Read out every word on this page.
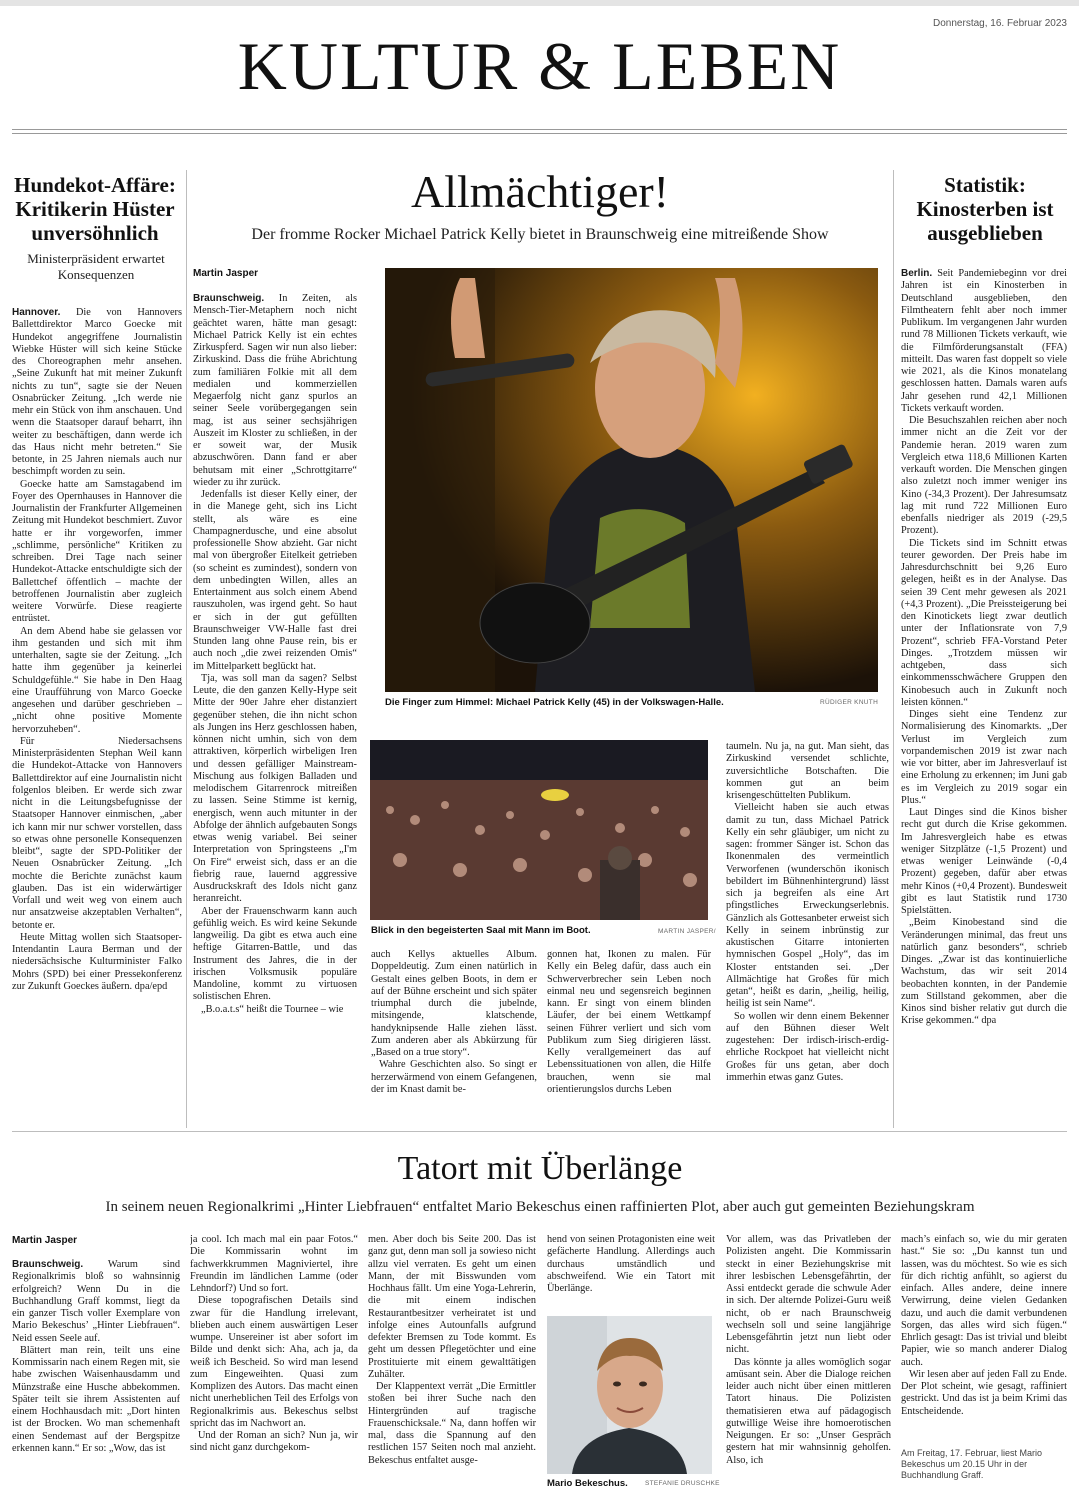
Donnerstag, 16. Februar 2023
KULTUR & LEBEN
Hundekot-Affäre: Kritikerin Hüster unversöhnlich
Ministerpräsident erwartet Konsequenzen

Hannover. Die von Hannovers Ballettdirektor Marco Goecke mit Hundekot angegriffene Journalistin Wiebke Hüster will sich keine Stücke des Choreographen mehr ansehen. „Seine Zukunft hat mit meiner Zukunft nichts zu tun“, sagte sie der Neuen Osnabrücker Zeitung. „Ich werde nie mehr ein Stück von ihm anschauen. Und wenn die Staatsoper darauf beharrt, ihn weiter zu beschäftigen, dann werde ich das Haus nicht mehr betreten.“ Sie betonte, in 25 Jahren niemals auch nur beschimpft worden zu sein.

Goecke hatte am Samstagabend im Foyer des Opernhauses in Hannover die Journalistin der Frankfurter Allgemeinen Zeitung mit Hundekot beschmiert. Zuvor hatte er ihr vorgeworfen, immer „schlimme, persönliche“ Kritiken zu schreiben. Drei Tage nach seiner Hundekot-Attacke entschuldigte sich der Ballettchef öffentlich – machte der betroffenen Journalistin aber zugleich weitere Vorwürfe. Diese reagierte entrüstet.

An dem Abend habe sie gelassen vor ihm gestanden und sich mit ihm unterhalten, sagte sie der Zeitung. „Ich hatte ihm gegenüber ja keinerlei Schuldgefühle.“ Sie habe in Den Haag eine Uraufführung von Marco Goecke angesehen und darüber geschrieben – „nicht ohne positive Momente hervorzuheben“.

Für Niedersachsens Ministerpräsidenten Stephan Weil kann die Hundekot-Attacke von Hannovers Ballettdirektor auf eine Journalistin nicht folgenlos bleiben. Er werde sich zwar nicht in die Leitungsbefugnisse der Staatsoper Hannover einmischen, „aber ich kann mir nur schwer vorstellen, dass so etwas ohne personelle Konsequenzen bleibt“, sagte der SPD-Politiker der Neuen Osnabrücker Zeitung. „Ich mochte die Berichte zunächst kaum glauben. Das ist ein widerwärtiger Vorfall und weit weg von einem auch nur ansatzweise akzeptablen Verhalten“, betonte er.

Heute Mittag wollen sich Staatsoper-Intendantin Laura Berman und der niedersächsische Kulturminister Falko Mohrs (SPD) bei einer Pressekonferenz zur Zukunft Goeckes äußern. dpa/epd

Allmächtiger!
Der fromme Rocker Michael Patrick Kelly bietet in Braunschweig eine mitreißende Show
Martin Jasper

Braunschweig. In Zeiten, als Mensch-Tier-Metaphern noch nicht geächtet waren, hätte man gesagt: Michael Patrick Kelly ist ein echtes Zirkuspferd. Sagen wir nun also lieber: Zirkuskind. Dass die frühe Abrichtung zum familiären Folkie mit all dem medialen und kommerziellen Megaerfolg nicht ganz spurlos an seiner Seele vorübergegangen sein mag, ist aus seiner sechsjährigen Auszeit im Kloster zu schließen, in der er soweit war, der Musik abzuschwören. Dann fand er aber behutsam mit einer „Schrottgitarre“ wieder zu ihr zurück.

Jedenfalls ist dieser Kelly einer, der in die Manege geht, sich ins Licht stellt, als wäre es eine Champagnerdusche, und eine absolut professionelle Show abzieht. Gar nicht mal von übergroßer Eitelkeit getrieben (so scheint es zumindest), sondern von dem unbedingten Willen, alles an Entertainment aus solch einem Abend rauszuholen, was irgend geht. So haut er sich in der gut gefüllten Braunschweiger VW-Halle fast drei Stunden lang ohne Pause rein, bis er auch noch „die zwei reizenden Omis“ im Mittelparkett beglückt hat.

Tja, was soll man da sagen? Selbst Leute, die den ganzen Kelly-Hype seit Mitte der 90er Jahre eher distanziert gegenüber stehen, die ihn nicht schon als Jungen ins Herz geschlossen haben, können nicht umhin, sich von dem attraktiven, körperlich wirbeligen Iren und dessen gefälliger Mainstream-Mischung aus folkigen Balladen und melodischem Gitarrenrock mitreißen zu lassen. Seine Stimme ist kernig, energisch, wenn auch mitunter in der Abfolge der ähnlich aufgebauten Songs etwas wenig variabel. Bei seiner Interpretation von Springsteens „I'm On Fire“ erweist sich, dass er an die fiebrig raue, lauernd aggressive Ausdruckskraft des Idols nicht ganz heranreicht.

Aber der Frauenschwarm kann auch gefühlig weich. Es wird keine Sekunde langweilig. Da gibt es etwa auch eine heftige Gitarren-Battle, und das Instrument des Jahres, die in der irischen Volksmusik populäre Mandoline, kommt zu virtuosen solistischen Ehren.

„B.o.a.t.s“ heißt die Tournee – wie

Die Finger zum Himmel: Michael Patrick Kelly (45) in der Volkswagen-Halle.	RÜDIGER KNUTH
Blick in den begeisterten Saal mit Mann im Boot.	MARTIN JASPER/

auch Kellys aktuelles Album. Doppeldeutig. Zum einen natürlich in Gestalt eines gelben Boots, in dem er auf der Bühne erscheint und sich später triumphal durch die jubelnde, mitsingende, klatschende, handyknipsende Halle ziehen lässt. Zum anderen aber als Abkürzung für „Based on a true story“.

Wahre Geschichten also. So singt er herzerwärmend von einem Gefangenen, der im Knast damit be-

gonnen hat, Ikonen zu malen. Für Kelly ein Beleg dafür, dass auch ein Schwerverbrecher sein Leben noch einmal neu und segensreich beginnen kann. Er singt von einem blinden Läufer, der bei einem Wettkampf seinen Führer verliert und sich vom Publikum zum Sieg dirigieren lässt. Kelly verallgemeinert das auf Lebenssituationen von allen, die Hilfe brauchen, wenn sie mal orientierungslos durchs Leben

taumeln. Nu ja, na gut. Man sieht, das Zirkuskind versendet schlichte, zuversichtliche Botschaften. Die kommen gut an beim krisengeschüttelten Publikum.

Vielleicht haben sie auch etwas damit zu tun, dass Michael Patrick Kelly ein sehr gläubiger, um nicht zu sagen: frommer Sänger ist. Schon das Ikonenmalen des vermeintlich Verworfenen (wunderschön ikonisch bebildert im Bühnenhintergrund) lässt sich ja begreifen als eine Art pfingstliches Erweckungserlebnis. Gänzlich als Gottesanbeter erweist sich Kelly in seinem inbrünstig zur akustischen Gitarre intonierten hymnischen Gospel „Holy“, das im Kloster entstanden sei. „Der Allmächtige hat Großes für mich getan“, heißt es darin, „heilig, heilig, heilig ist sein Name“.

So wollen wir denn einem Bekenner auf den Bühnen dieser Welt zugestehen: Der irdisch-irisch-erdig-ehrliche Rockpoet hat vielleicht nicht Großes für uns getan, aber doch immerhin etwas ganz Gutes.

Statistik: Kinosterben ist ausgeblieben

Berlin. Seit Pandemiebeginn vor drei Jahren ist ein Kinosterben in Deutschland ausgeblieben, den Filmtheatern fehlt aber noch immer Publikum. Im vergangenen Jahr wurden rund 78 Millionen Tickets verkauft, wie die Filmförderungsanstalt (FFA) mitteilt. Das waren fast doppelt so viele wie 2021, als die Kinos monatelang geschlossen hatten. Damals waren aufs Jahr gesehen rund 42,1 Millionen Tickets verkauft worden.

Die Besuchszahlen reichen aber noch immer nicht an die Zeit vor der Pandemie heran. 2019 waren zum Vergleich etwa 118,6 Millionen Karten verkauft worden. Die Menschen gingen also zuletzt noch immer weniger ins Kino (-34,3 Prozent). Der Jahresumsatz lag mit rund 722 Millionen Euro ebenfalls niedriger als 2019 (-29,5 Prozent).

Die Tickets sind im Schnitt etwas teurer geworden. Der Preis habe im Jahresdurchschnitt bei 9,26 Euro gelegen, heißt es in der Analyse. Das seien 39 Cent mehr gewesen als 2021 (+4,3 Prozent). „Die Preissteigerung bei den Kinotickets liegt zwar deutlich unter der Inflationsrate von 7,9 Prozent“, schrieb FFA-Vorstand Peter Dinges. „Trotzdem müssen wir achtgeben, dass sich einkommensschwächere Gruppen den Kinobesuch auch in Zukunft noch leisten können.“

Dinges sieht eine Tendenz zur Normalisierung des Kinomarkts. „Der Verlust im Vergleich zum vorpandemischen 2019 ist zwar nach wie vor bitter, aber im Jahresverlauf ist eine Erholung zu erkennen; im Juni gab es im Vergleich zu 2019 sogar ein Plus.“

Laut Dinges sind die Kinos bisher recht gut durch die Krise gekommen. Im Jahresvergleich habe es etwas weniger Sitzplätze (-1,5 Prozent) und etwas weniger Leinwände (-0,4 Prozent) gegeben, dafür aber etwas mehr Kinos (+0,4 Prozent). Bundesweit gibt es laut Statistik rund 1730 Spielstätten.

„Beim Kinobestand sind die Veränderungen minimal, das freut uns natürlich ganz besonders“, schrieb Dinges. „Zwar ist das kontinuierliche Wachstum, das wir seit 2014 beobachten konnten, in der Pandemie zum Stillstand gekommen, aber die Kinos sind bisher relativ gut durch die Krise gekommen.“ dpa

Tatort mit Überlänge
In seinem neuen Regionalkrimi „Hinter Liebfrauen“ entfaltet Mario Bekeschus einen raffinierten Plot, aber auch gut gemeinten Beziehungskram
Martin Jasper

Braunschweig. Warum sind Regionalkrimis bloß so wahnsinnig erfolgreich? Wenn Du in die Buchhandlung Graff kommst, liegt da ein ganzer Tisch voller Exemplare von Mario Bekeschus’ „Hinter Liebfrauen“. Neid essen Seele auf.

Blättert man rein, teilt uns eine Kommissarin nach einem Regen mit, sie habe zwischen Waisenhausdamm und Münzstraße eine Husche abbekommen. Später teilt sie ihrem Assistenten auf einem Hochhausdach mit: „Dort hinten ist der Brocken. Wo man schemenhaft einen Sendemast auf der Bergspitze erkennen kann.“ Er so: „Wow, das ist

ja cool. Ich mach mal ein paar Fotos.“ Die Kommissarin wohnt im fachwerkkrummen Magniviertel, ihre Freundin im ländlichen Lamme (oder Lehndorf?) Und so fort.

Diese topografischen Details sind zwar für die Handlung irrelevant, blieben auch einem auswärtigen Leser wumpe. Unsereiner ist aber sofort im Bilde und denkt sich: Aha, ach ja, da weiß ich Bescheid. So wird man lesend zum Eingeweihten. Quasi zum Komplizen des Autors. Das macht einen nicht unerheblichen Teil des Erfolgs von Regionalkrimis aus. Bekeschus selbst spricht das im Nachwort an.

Und der Roman an sich? Nun ja, wir sind nicht ganz durchgekom-

men. Aber doch bis Seite 200. Das ist ganz gut, denn man soll ja sowieso nicht allzu viel verraten. Es geht um einen Mann, der mit Bisswunden vom Hochhaus fällt. Um eine Yoga-Lehrerin, die mit einem indischen Restaurantbesitzer verheiratet ist und infolge eines Autounfalls aufgrund defekter Bremsen zu Tode kommt. Es geht um dessen Pflegetöchter und eine Prostituierte mit einem gewalttätigen Zuhälter.

Der Klappentext verrät „Die Ermittler stoßen bei ihrer Suche nach den Hintergründen auf tragische Frauenschicksale.“ Na, dann hoffen wir mal, dass die Spannung auf den restlichen 157 Seiten noch mal anzieht. Bekeschus entfaltet ausge-

hend von seinen Protagonisten eine weit gefächerte Handlung. Allerdings auch durchaus umständlich und abschweifend. Wie ein Tatort mit Überlänge.

Mario Bekeschus.	STEFANIE DRUSCHKE

Vor allem, was das Privatleben der Polizisten angeht. Die Kommissarin steckt in einer Beziehungskrise mit ihrer lesbischen Lebensgefährtin, der Assi entdeckt gerade die schwule Ader in sich. Der alternde Polizei-Guru weiß nicht, ob er nach Braunschweig wechseln soll und seine langjährige Lebensgefährtin jetzt nun liebt oder nicht.

Das könnte ja alles womöglich sogar amüsant sein. Aber die Dialoge reichen leider auch nicht über einen mittleren Tatort hinaus. Die Polizisten thematisieren etwa auf pädagogisch gutwillige Weise ihre homoerotischen Neigungen. Er so: „Unser Gespräch gestern hat mir wahnsinnig geholfen. Also, ich

mach’s einfach so, wie du mir geraten hast.“ Sie so: „Du kannst tun und lassen, was du möchtest. So wie es sich für dich richtig anfühlt, so agierst du einfach. Alles andere, deine innere Verwirrung, deine vielen Gedanken dazu, und auch die damit verbundenen Sorgen, das alles wird sich fügen.“ Ehrlich gesagt: Das ist trivial und bleibt Papier, wie so manch anderer Dialog auch.

Wir lesen aber auf jeden Fall zu Ende. Der Plot scheint, wie gesagt, raffiniert gestrickt. Und das ist ja beim Krimi das Entscheidende.

Am Freitag, 17. Februar, liest Mario Bekeschus um 20.15 Uhr in der Buchhandlung Graff.
